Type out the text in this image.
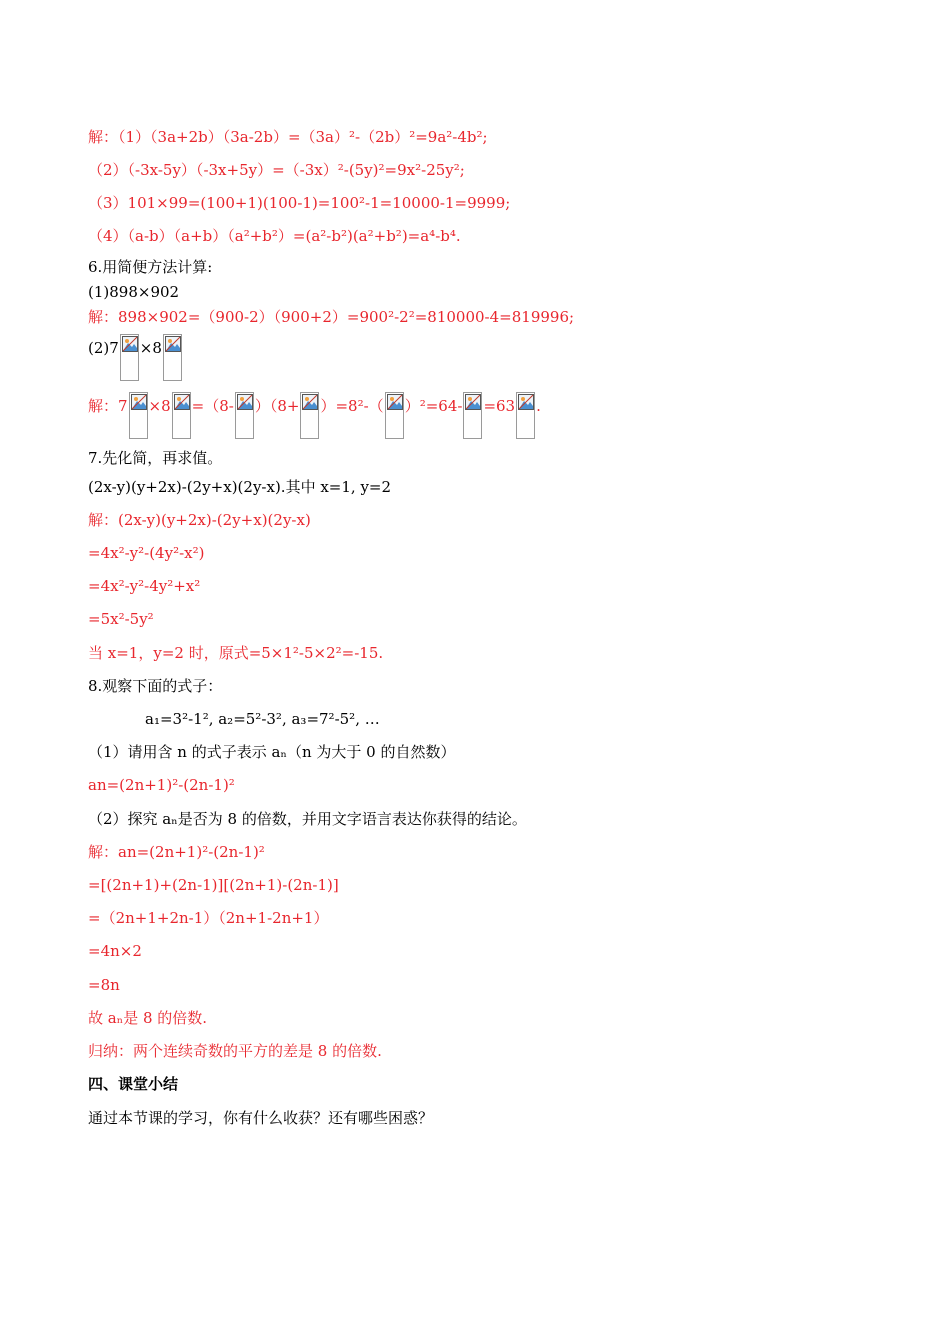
解：（1）（3a+2b）（3a-2b）=（3a）²-（2b）²=9a²-4b²;
（2）（-3x-5y）（-3x+5y）=（-3x）²-(5y)²=9x²-25y²;
（3）101×99=(100+1)(100-1)=100²-1=10000-1=9999;
（4）（a-b）（a+b）（a²+b²）=(a²-b²)(a²+b²)=a⁴-b⁴.
6.用简便方法计算:
(1)898×902
解：898×902=（900-2）（900+2）=900²-2²=810000-4=819996;
(2)7 ×8
解：7 ×8 =（8- ）（8+ ）=8²-（ ）²=64- =63 .
7.先化简，再求值。
(2x-y)(y+2x)-(2y+x)(2y-x).其中 x=1, y=2
解：(2x-y)(y+2x)-(2y+x)(2y-x)
=4x²-y²-(4y²-x²)
=4x²-y²-4y²+x²
=5x²-5y²
当 x=1，y=2 时，原式=5×1²-5×2²=-15.
8.观察下面的式子：
a₁=3²-1², a₂=5²-3², a₃=7²-5², …
（1）请用含 n 的式子表示 aₙ（n 为大于 0 的自然数）
an=(2n+1)²-(2n-1)²
（2）探究 aₙ是否为 8 的倍数，并用文字语言表达你获得的结论。
解：an=(2n+1)²-(2n-1)²
=[(2n+1)+(2n-1)][(2n+1)-(2n-1)]
=（2n+1+2n-1）（2n+1-2n+1）
=4n×2
=8n
故 aₙ是 8 的倍数.
归纳：两个连续奇数的平方的差是 8 的倍数.
四、课堂小结
通过本节课的学习，你有什么收获？还有哪些困惑？
